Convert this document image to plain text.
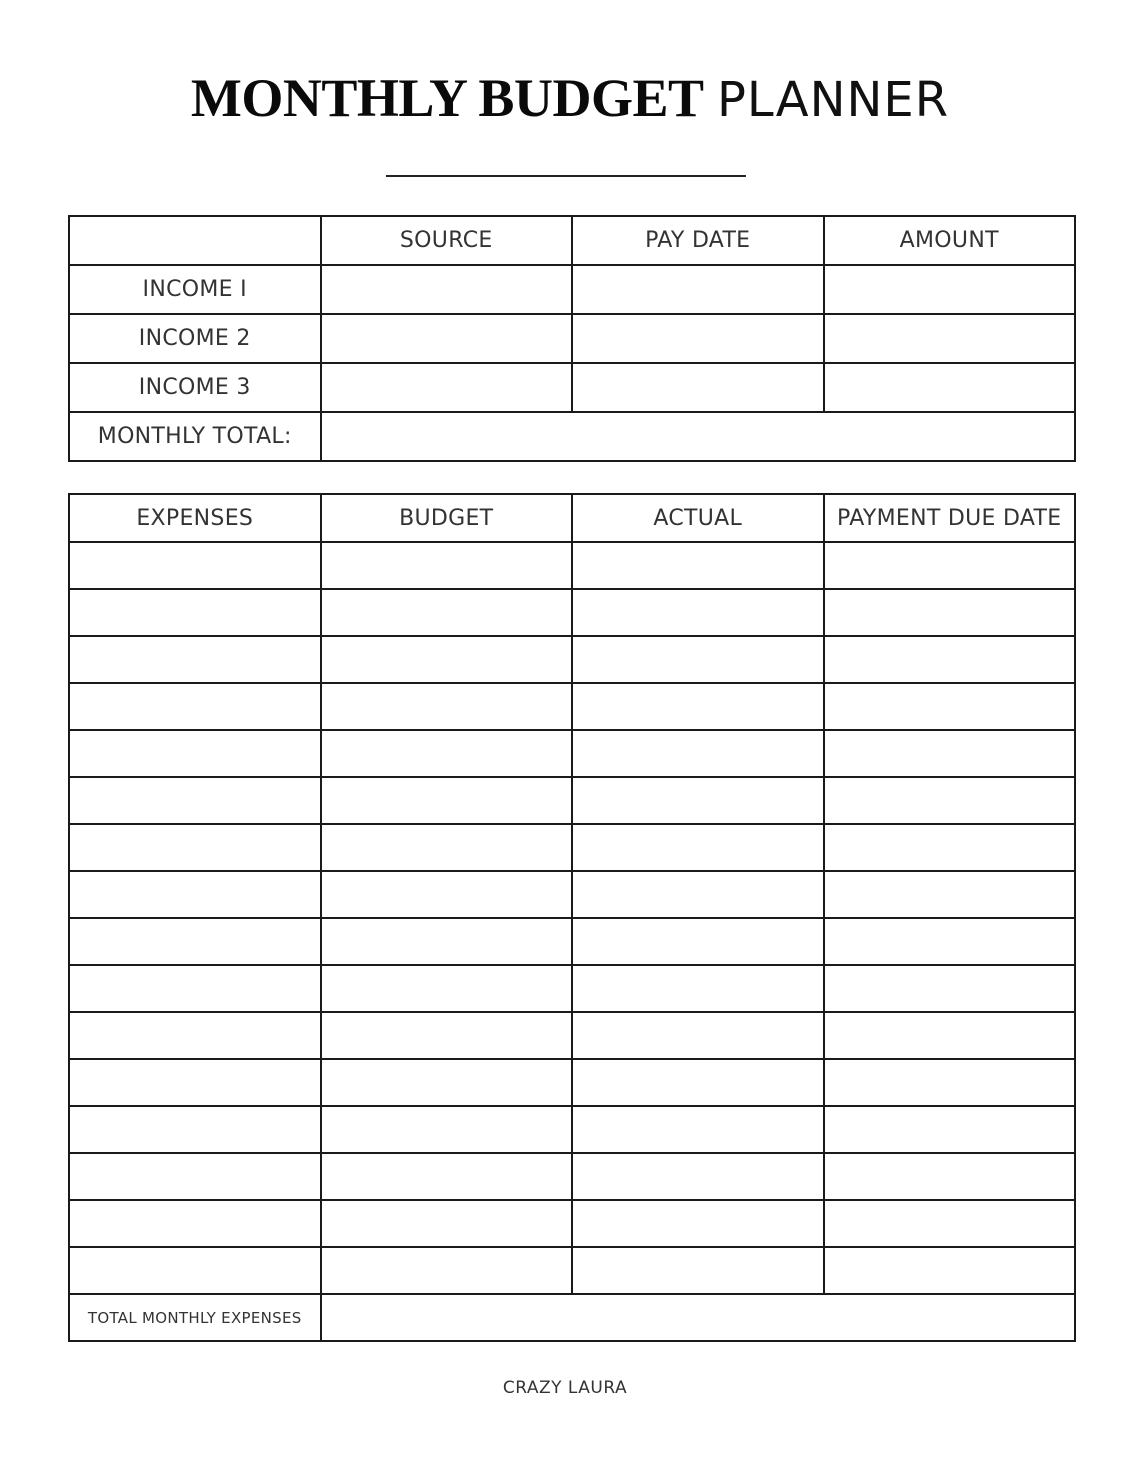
MONTHLY BUDGET PLANNER
	SOURCE	PAY DATE	AMOUNT
INCOME I			
INCOME 2			
INCOME 3			
MONTHLY TOTAL:			
EXPENSES	BUDGET	ACTUAL	PAYMENT DUE DATE

TOTAL MONTHLY EXPENSES			
CRAZY LAURA
